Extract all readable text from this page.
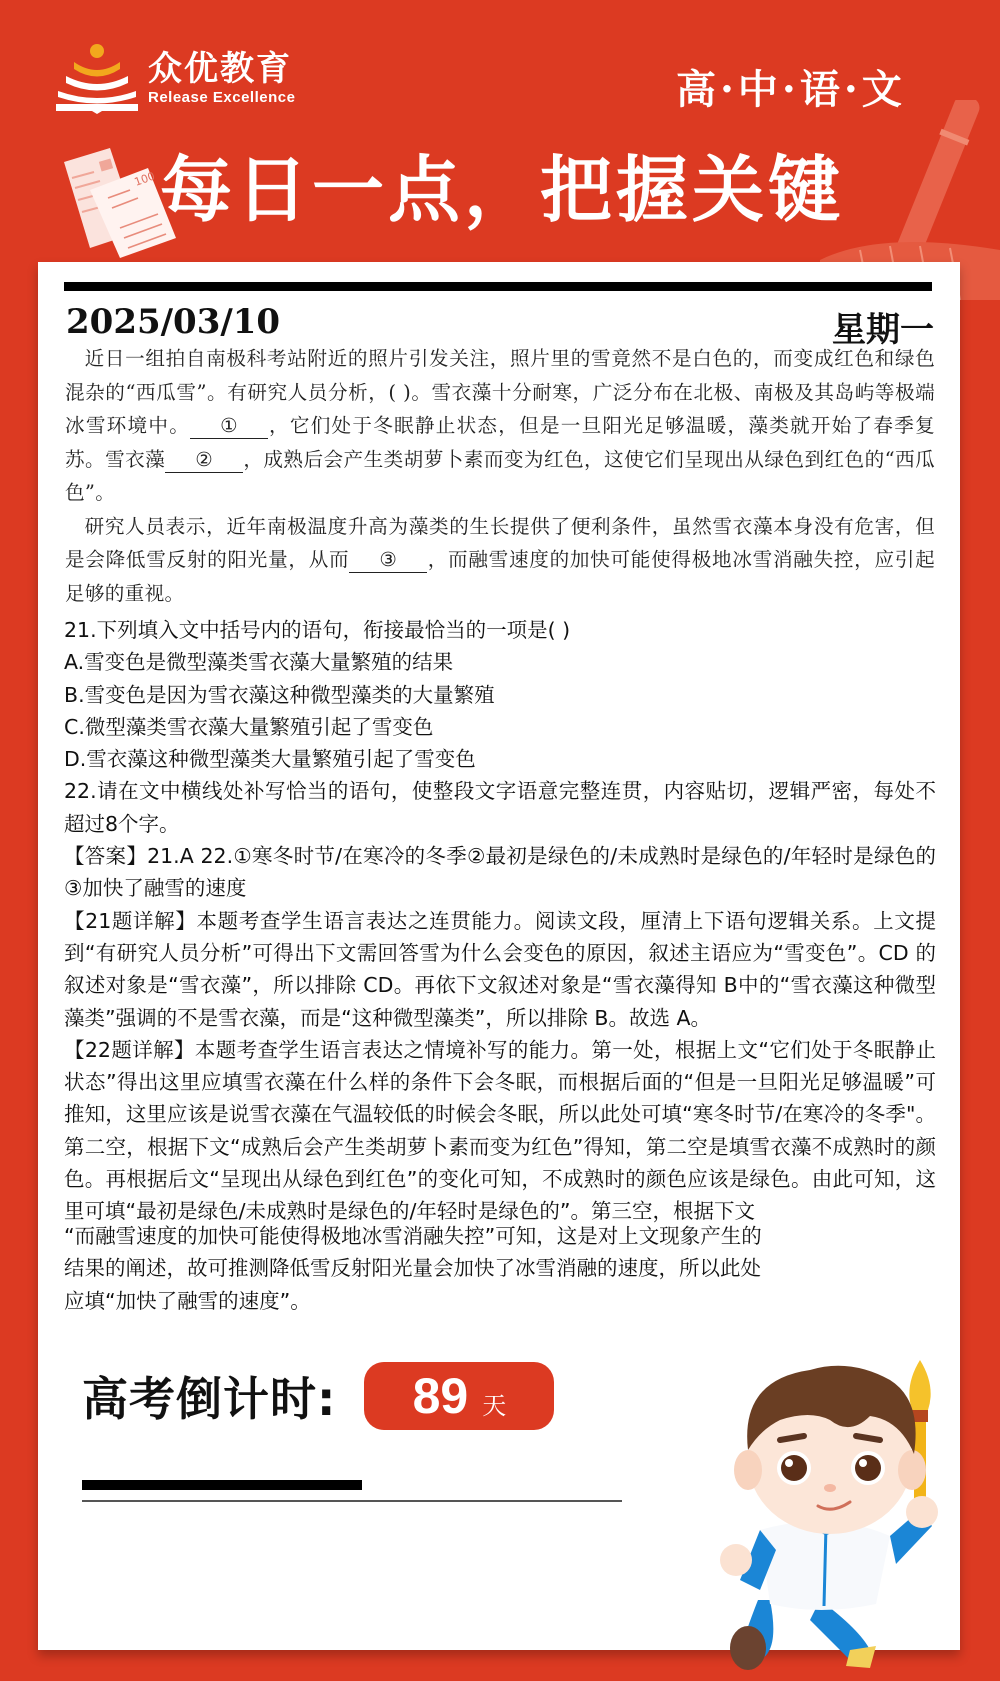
众优教育
Release Excellence	高·中·语·文
100 每日一点，把握关键
2025/03/10	星期一

近日一组拍自南极科考站附近的照片引发关注，照片里的雪竟然不是白色的，而变成红色和绿色混杂的“西瓜雪”。有研究人员分析，( )。雪衣藻十分耐寒，广泛分布在北极、南极及其岛屿等极端冰雪环境中。 ① ，它们处于冬眠静止状态，但是一旦阳光足够温暖，藻类就开始了春季复苏。雪衣藻 ② ，成熟后会产生类胡萝卜素而变为红色，这使它们呈现出从绿色到红色的“西瓜色”。

研究人员表示，近年南极温度升高为藻类的生长提供了便利条件，虽然雪衣藻本身没有危害，但是会降低雪反射的阳光量，从而 ③ ，而融雪速度的加快可能使得极地冰雪消融失控，应引起足够的重视。

21.下列填入文中括号内的语句，衔接最恰当的一项是( )

A.雪变色是微型藻类雪衣藻大量繁殖的结果

B.雪变色是因为雪衣藻这种微型藻类的大量繁殖

C.微型藻类雪衣藻大量繁殖引起了雪变色

D.雪衣藻这种微型藻类大量繁殖引起了雪变色

22.请在文中横线处补写恰当的语句，使整段文字语意完整连贯，内容贴切，逻辑严密，每处不超过8个字。

【答案】21.A 22.①寒冬时节/在寒冷的冬季②最初是绿色的/未成熟时是绿色的/年轻时是绿色的③加快了融雪的速度

【21题详解】本题考查学生语言表达之连贯能力。阅读文段，厘清上下语句逻辑关系。上文提到“有研究人员分析”可得出下文需回答雪为什么会变色的原因，叙述主语应为“雪变色”。CD 的叙述对象是“雪衣藻”，所以排除 CD。再依下文叙述对象是“雪衣藻得知 B中的“雪衣藻这种微型藻类”强调的不是雪衣藻，而是“这种微型藻类”，所以排除 B。故选 A。

【22题详解】本题考查学生语言表达之情境补写的能力。第一处，根据上文“它们处于冬眠静止状态”得出这里应填雪衣藻在什么样的条件下会冬眠，而根据后面的“但是一旦阳光足够温暖”可推知，这里应该是说雪衣藻在气温较低的时候会冬眠，所以此处可填“寒冬时节/在寒冷的冬季"。第二空，根据下文“成熟后会产生类胡萝卜素而变为红色”得知，第二空是填雪衣藻不成熟时的颜色。再根据后文“呈现出从绿色到红色”的变化可知，不成熟时的颜色应该是绿色。由此可知，这里可填“最初是绿色/未成熟时是绿色的/年轻时是绿色的”。第三空，根据下文

“而融雪速度的加快可能使得极地冰雪消融失控”可知，这是对上文现象产生的结果的阐述，故可推测降低雪反射阳光量会加快了冰雪消融的速度，所以此处应填“加快了融雪的速度”。

高考倒计时: 89 天
